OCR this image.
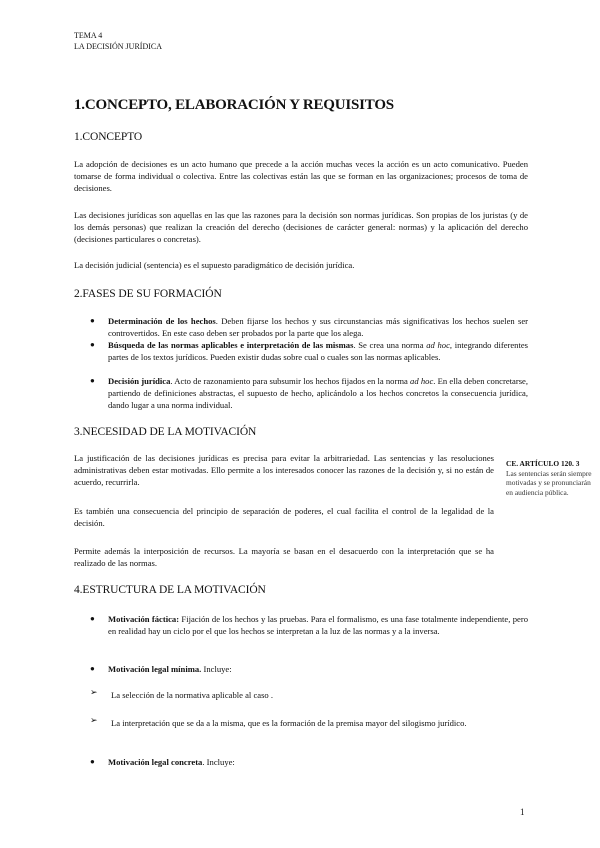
TEMA 4
LA DECISIÓN JURÍDICA
1.CONCEPTO, ELABORACIÓN Y REQUISITOS
1.CONCEPTO
La adopción de decisiones es un acto humano que precede a la acción muchas veces la acción es un acto comunicativo. Pueden tomarse de forma individual o colectiva. Entre las colectivas están las que se forman en las organizaciones; procesos de toma de decisiones.
Las decisiones jurídicas son aquellas en las que las razones para la decisión son normas jurídicas. Son propias de los juristas (y de los demás personas) que realizan la creación del derecho (decisiones de carácter general: normas) y la aplicación del derecho (decisiones particulares o concretas).
La decisión judicial (sentencia) es el supuesto paradigmático de decisión jurídica.
2.FASES DE SU FORMACIÓN
● Determinación de los hechos. Deben fijarse los hechos y sus circunstancias más significativas los hechos suelen ser controvertidos. En este caso deben ser probados por la parte que los alega.
● Búsqueda de las normas aplicables e interpretación de las mismas. Se crea una norma ad hoc, integrando diferentes partes de los textos jurídicos. Pueden existir dudas sobre cual o cuales son las normas aplicables.
● Decisión jurídica. Acto de razonamiento para subsumir los hechos fijados en la norma ad hoc. En ella deben concretarse, partiendo de definiciones abstractas, el supuesto de hecho, aplicándolo a los hechos concretos la consecuencia jurídica, dando lugar a una norma individual.
3.NECESIDAD DE LA MOTIVACIÓN
La justificación de las decisiones jurídicas es precisa para evitar la arbitrariedad. Las sentencias y las resoluciones administrativas deben estar motivadas. Ello permite a los interesados conocer las razones de la decisión y, si no están de acuerdo, recurrirla.
Es también una consecuencia del principio de separación de poderes, el cual facilita el control de la legalidad de la decisión.
Permite además la interposición de recursos. La mayoría se basan en el desacuerdo con la interpretación que se ha realizado de las normas.
CE. ARTÍCULO 120. 3
Las sentencias serán siempre motivadas y se pronunciarán en audiencia pública.
4.ESTRUCTURA DE LA MOTIVACIÓN
● Motivación fáctica: Fijación de los hechos y las pruebas. Para el formalismo, es una fase totalmente independiente, pero en realidad hay un ciclo por el que los hechos se interpretan a la luz de las normas y a la inversa.
● Motivación legal mínima. Incluye:
➢ La selección de la normativa aplicable al caso .
➢ La interpretación que se da a la misma, que es la formación de la premisa mayor del silogismo jurídico.
● Motivación legal concreta. Incluye:
1
